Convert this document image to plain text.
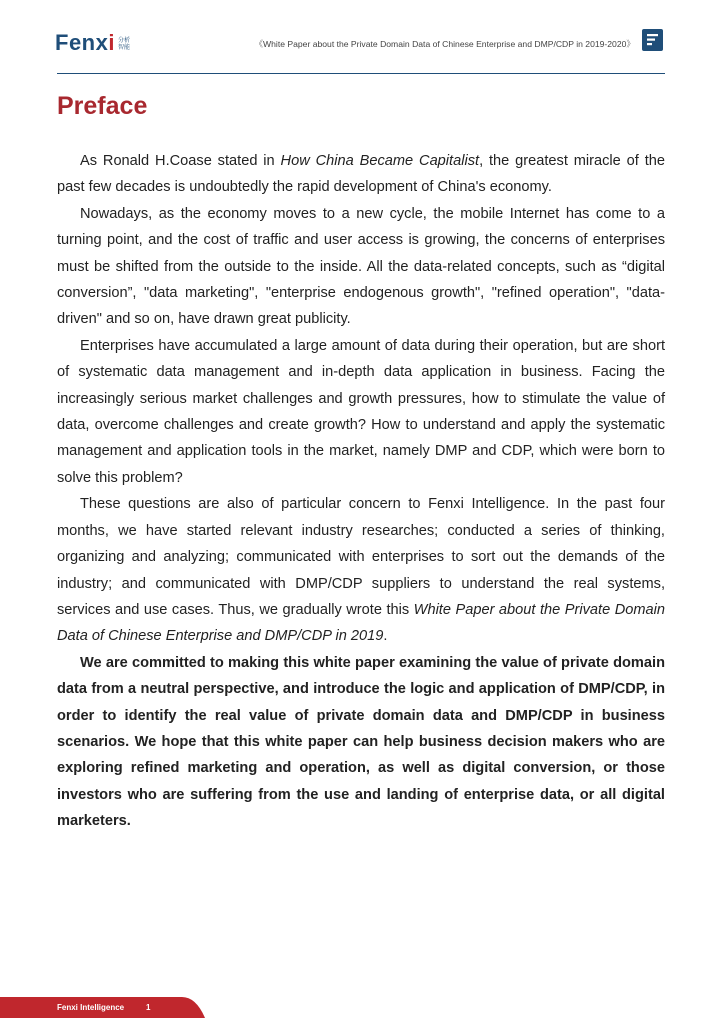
Fenxi 分析
智能	《White Paper about the Private Domain Data of Chinese Enterprise and DMP/CDP in 2019-2020》
Preface

As Ronald H.Coase stated in How China Became Capitalist, the greatest miracle of the past few decades is undoubtedly the rapid development of China's economy.

Nowadays, as the economy moves to a new cycle, the mobile Internet has come to a turning point, and the cost of traffic and user access is growing, the concerns of enterprises must be shifted from the outside to the inside. All the data-related concepts, such as “digital conversion”, "data marketing", "enterprise endogenous growth", "refined operation", "data-driven" and so on, have drawn great publicity.

Enterprises have accumulated a large amount of data during their operation, but are short of systematic data management and in-depth data application in business. Facing the increasingly serious market challenges and growth pressures, how to stimulate the value of data, overcome challenges and create growth? How to understand and apply the systematic management and application tools in the market, namely DMP and CDP, which were born to solve this problem?

These questions are also of particular concern to Fenxi Intelligence. In the past four months, we have started relevant industry researches; conducted a series of thinking, organizing and analyzing; communicated with enterprises to sort out the demands of the industry; and communicated with DMP/CDP suppliers to understand the real systems, services and use cases. Thus, we gradually wrote this White Paper about the Private Domain Data of Chinese Enterprise and DMP/CDP in 2019.

We are committed to making this white paper examining the value of private domain data from a neutral perspective, and introduce the logic and application of DMP/CDP, in order to identify the real value of private domain data and DMP/CDP in business scenarios. We hope that this white paper can help business decision makers who are exploring refined marketing and operation, as well as digital conversion, or those investors who are suffering from the use and landing of enterprise data, or all digital marketers.

Fenxi Intelligence	1
